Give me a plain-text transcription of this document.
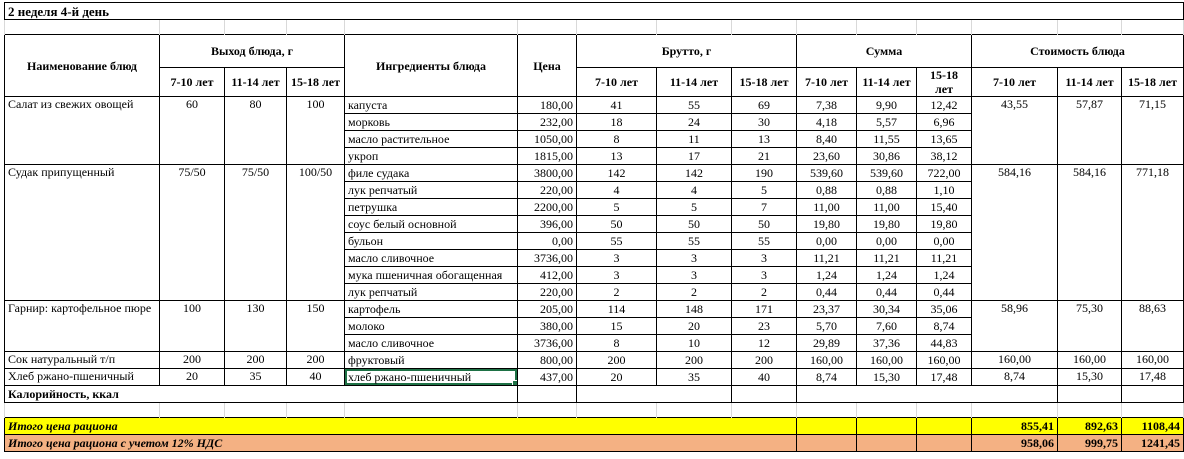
2 неделя 4-й день														

Наименование блюд	Выход блюда, г			Ингредиенты блюда	Цена	Брутто, г			Сумма			Стоимость блюда		
	7-10 лет	11-14 лет	15-18 лет			7-10 лет	11-14 лет	15-18 лет	7-10 лет	11-14 лет	15-18 лет	7-10 лет	11-14 лет	15-18 лет
Салат из свежих овощей	60	80	100	капуста	180,00	41	55	69	7,38	9,90	12,42	43,55	57,87	71,15
				морковь	232,00	18	24	30	4,18	5,57	6,96			
				масло растительное	1050,00	8	11	13	8,40	11,55	13,65			
				укроп	1815,00	13	17	21	23,60	30,86	38,12			
Судак припущенный	75/50	75/50	100/50	филе судака	3800,00	142	142	190	539,60	539,60	722,00	584,16	584,16	771,18
				лук репчатый	220,00	4	4	5	0,88	0,88	1,10			
				петрушка	2200,00	5	5	7	11,00	11,00	15,40			
				соус белый основной	396,00	50	50	50	19,80	19,80	19,80			
				бульон	0,00	55	55	55	0,00	0,00	0,00			
				масло сливочное	3736,00	3	3	3	11,21	11,21	11,21			
				мука пшеничная обогащенная	412,00	3	3	3	1,24	1,24	1,24			
				лук репчатый	220,00	2	2	2	0,44	0,44	0,44			
Гарнир: картофельное пюре	100	130	150	картофель	205,00	114	148	171	23,37	30,34	35,06	58,96	75,30	88,63
				молоко	380,00	15	20	23	5,70	7,60	8,74			
				масло сливочное	3736,00	8	10	12	29,89	37,36	44,83			
Сок натуральный т/п	200	200	200	фруктовый	800,00	200	200	200	160,00	160,00	160,00	160,00	160,00	160,00
Хлеб ржано-пшеничный	20	35	40	хлеб ржано-пшеничный	437,00	20	35	40	8,74	15,30	17,48	8,74	15,30	17,48
Калорийность, ккал														

Итого цена рациона												855,41	892,63	1108,44
Итого цена рациона с учетом 12% НДС												958,06	999,75	1241,45
